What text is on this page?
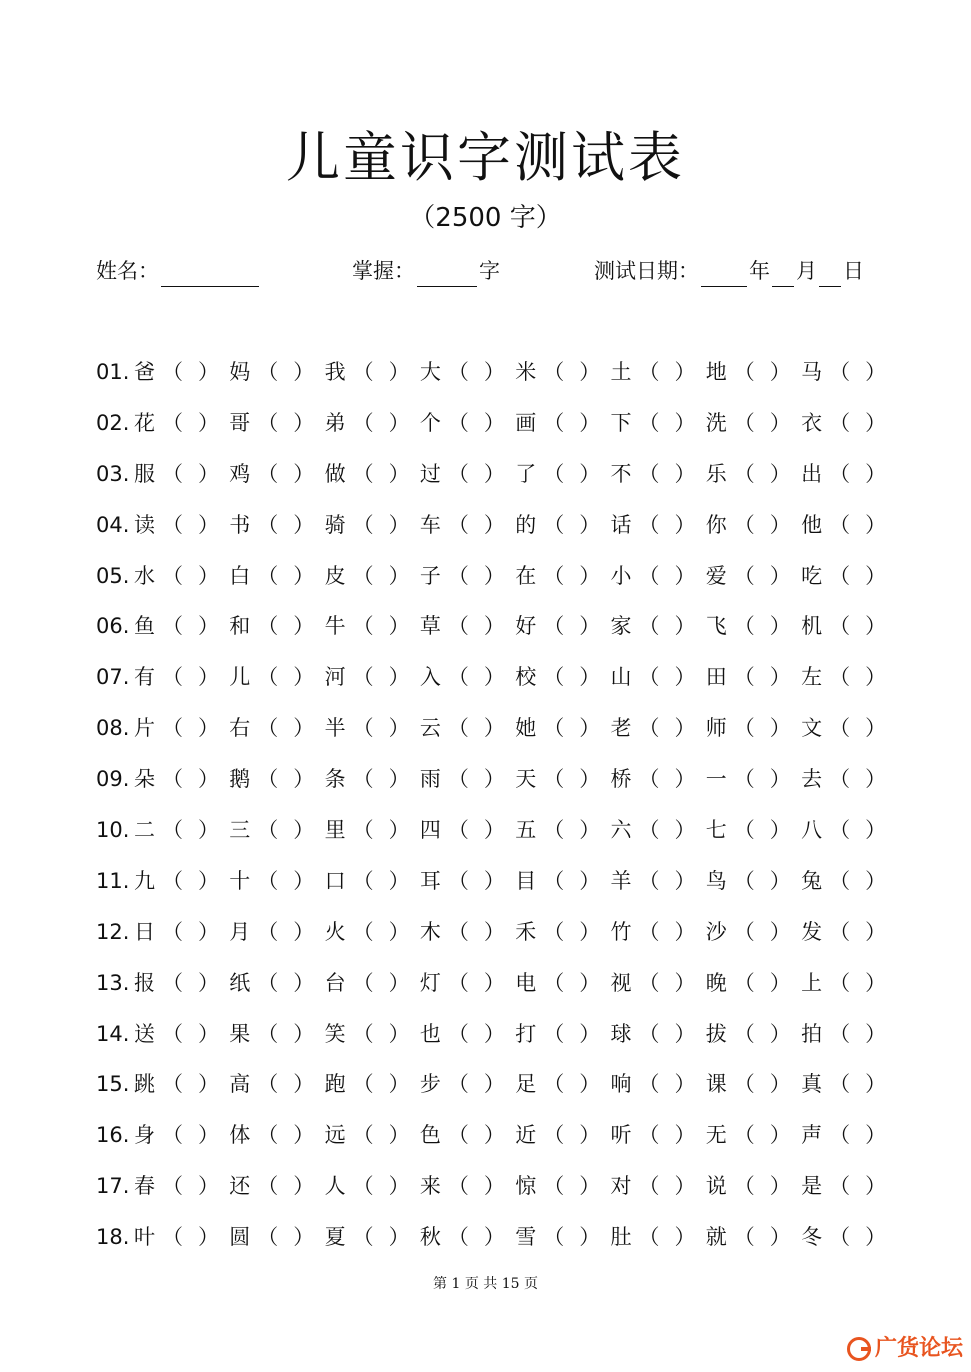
儿童识字测试表
（2500 字）
姓名：	掌握：	字	测试日期： 年 月 日
01. 爸 （ ） 妈 （ ） 我 （ ） 大 （ ） 米 （ ） 土 （ ） 地 （ ） 马 （ ）
02. 花 （ ） 哥 （ ） 弟 （ ） 个 （ ） 画 （ ） 下 （ ） 洗 （ ） 衣 （ ）
03. 服 （ ） 鸡 （ ） 做 （ ） 过 （ ） 了 （ ） 不 （ ） 乐 （ ） 出 （ ）
04. 读 （ ） 书 （ ） 骑 （ ） 车 （ ） 的 （ ） 话 （ ） 你 （ ） 他 （ ）
05. 水 （ ） 白 （ ） 皮 （ ） 子 （ ） 在 （ ） 小 （ ） 爱 （ ） 吃 （ ）
06. 鱼 （ ） 和 （ ） 牛 （ ） 草 （ ） 好 （ ） 家 （ ） 飞 （ ） 机 （ ）
07. 有 （ ） 儿 （ ） 河 （ ） 入 （ ） 校 （ ） 山 （ ） 田 （ ） 左 （ ）
08. 片 （ ） 右 （ ） 半 （ ） 云 （ ） 她 （ ） 老 （ ） 师 （ ） 文 （ ）
09. 朵 （ ） 鹅 （ ） 条 （ ） 雨 （ ） 天 （ ） 桥 （ ） 一 （ ） 去 （ ）
10. 二 （ ） 三 （ ） 里 （ ） 四 （ ） 五 （ ） 六 （ ） 七 （ ） 八 （ ）
11. 九 （ ） 十 （ ） 口 （ ） 耳 （ ） 目 （ ） 羊 （ ） 鸟 （ ） 兔 （ ）
12. 日 （ ） 月 （ ） 火 （ ） 木 （ ） 禾 （ ） 竹 （ ） 沙 （ ） 发 （ ）
13. 报 （ ） 纸 （ ） 台 （ ） 灯 （ ） 电 （ ） 视 （ ） 晚 （ ） 上 （ ）
14. 送 （ ） 果 （ ） 笑 （ ） 也 （ ） 打 （ ） 球 （ ） 拔 （ ） 拍 （ ）
15. 跳 （ ） 高 （ ） 跑 （ ） 步 （ ） 足 （ ） 响 （ ） 课 （ ） 真 （ ）
16. 身 （ ） 体 （ ） 远 （ ） 色 （ ） 近 （ ） 听 （ ） 无 （ ） 声 （ ）
17. 春 （ ） 还 （ ） 人 （ ） 来 （ ） 惊 （ ） 对 （ ） 说 （ ） 是 （ ）
18. 叶 （ ） 圆 （ ） 夏 （ ） 秋 （ ） 雪 （ ） 肚 （ ） 就 （ ） 冬 （ ）
第 1 页 共 15 页
广货论坛
